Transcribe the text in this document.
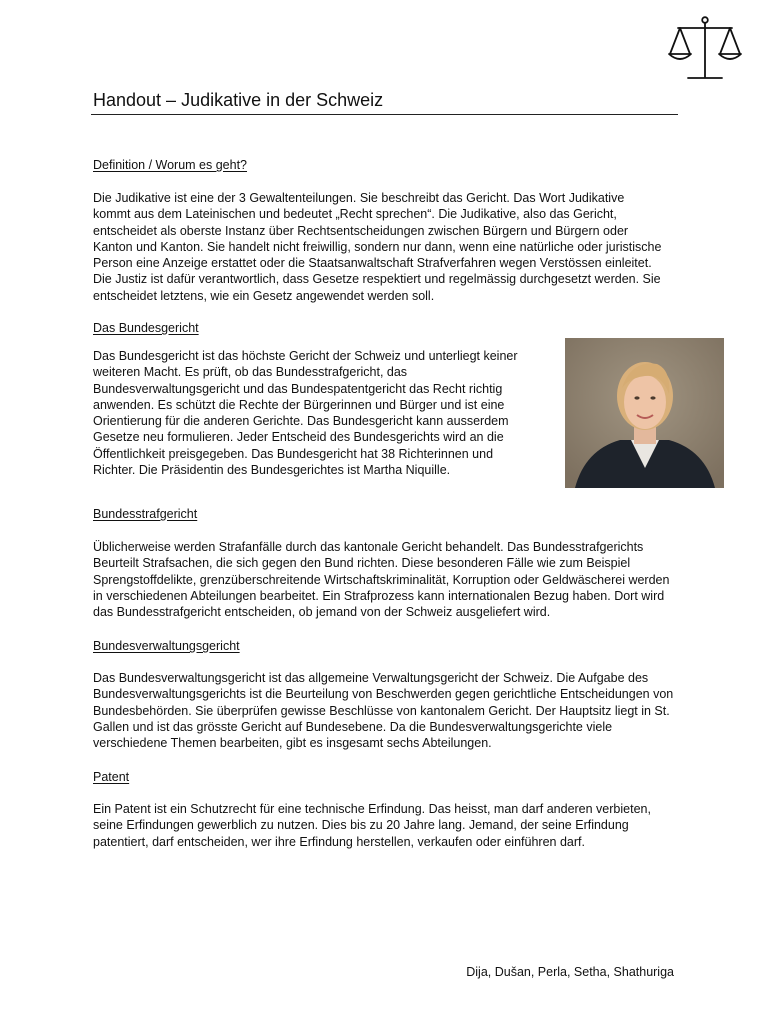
Handout – Judikative in der Schweiz
Definition / Worum es geht?
Die Judikative ist eine der 3 Gewaltenteilungen. Sie beschreibt das Gericht. Das Wort Judikative kommt aus dem Lateinischen und bedeutet „Recht sprechen“. Die Judikative, also das Gericht, entscheidet als oberste Instanz über Rechtsentscheidungen zwischen Bürgern und Bürgern oder Kanton und Kanton. Sie handelt nicht freiwillig, sondern nur dann, wenn eine natürliche oder juristische Person eine Anzeige erstattet oder die Staatsanwaltschaft Strafverfahren wegen Verstössen einleitet. Die Justiz ist dafür verantwortlich, dass Gesetze respektiert und regelmässig durchgesetzt werden. Sie entscheidet letztens, wie ein Gesetz angewendet werden soll.
Das Bundesgericht
Das Bundesgericht ist das höchste Gericht der Schweiz und unterliegt keiner weiteren Macht. Es prüft, ob das Bundesstrafgericht, das Bundesverwaltungsgericht und das Bundespatentgericht das Recht richtig anwenden. Es schützt die Rechte der Bürgerinnen und Bürger und ist eine Orientierung für die anderen Gerichte. Das Bundesgericht kann ausserdem Gesetze neu formulieren. Jeder Entscheid des Bundesgerichts wird an die Öffentlichkeit preisgegeben. Das Bundesgericht hat 38 Richterinnen und Richter. Die Präsidentin des Bundesgerichtes ist Martha Niquille.
Bundesstrafgericht
Üblicherweise werden Strafanfälle durch das kantonale Gericht behandelt. Das Bundesstrafgerichts Beurteilt Strafsachen, die sich gegen den Bund richten. Diese besonderen Fälle wie zum Beispiel Sprengstoffdelikte, grenzüberschreitende Wirtschaftskriminalität, Korruption oder Geldwäscherei werden in verschiedenen Abteilungen bearbeitet. Ein Strafprozess kann internationalen Bezug haben. Dort wird das Bundesstrafgericht entscheiden, ob jemand von der Schweiz ausgeliefert wird.
Bundesverwaltungsgericht
Das Bundesverwaltungsgericht ist das allgemeine Verwaltungsgericht der Schweiz. Die Aufgabe des Bundesverwaltungsgerichts ist die Beurteilung von Beschwerden gegen gerichtliche Entscheidungen von Bundesbehörden. Sie überprüfen gewisse Beschlüsse von kantonalem Gericht. Der Hauptsitz liegt in St. Gallen und ist das grösste Gericht auf Bundesebene. Da die Bundesverwaltungsgerichte viele verschiedene Themen bearbeiten, gibt es insgesamt sechs Abteilungen.
Patent
Ein Patent ist ein Schutzrecht für eine technische Erfindung. Das heisst, man darf anderen verbieten, seine Erfindungen gewerblich zu nutzen. Dies bis zu 20 Jahre lang. Jemand, der seine Erfindung patentiert, darf entscheiden, wer ihre Erfindung herstellen, verkaufen oder einführen darf.
Dija, Dušan, Perla, Setha, Shathuriga
